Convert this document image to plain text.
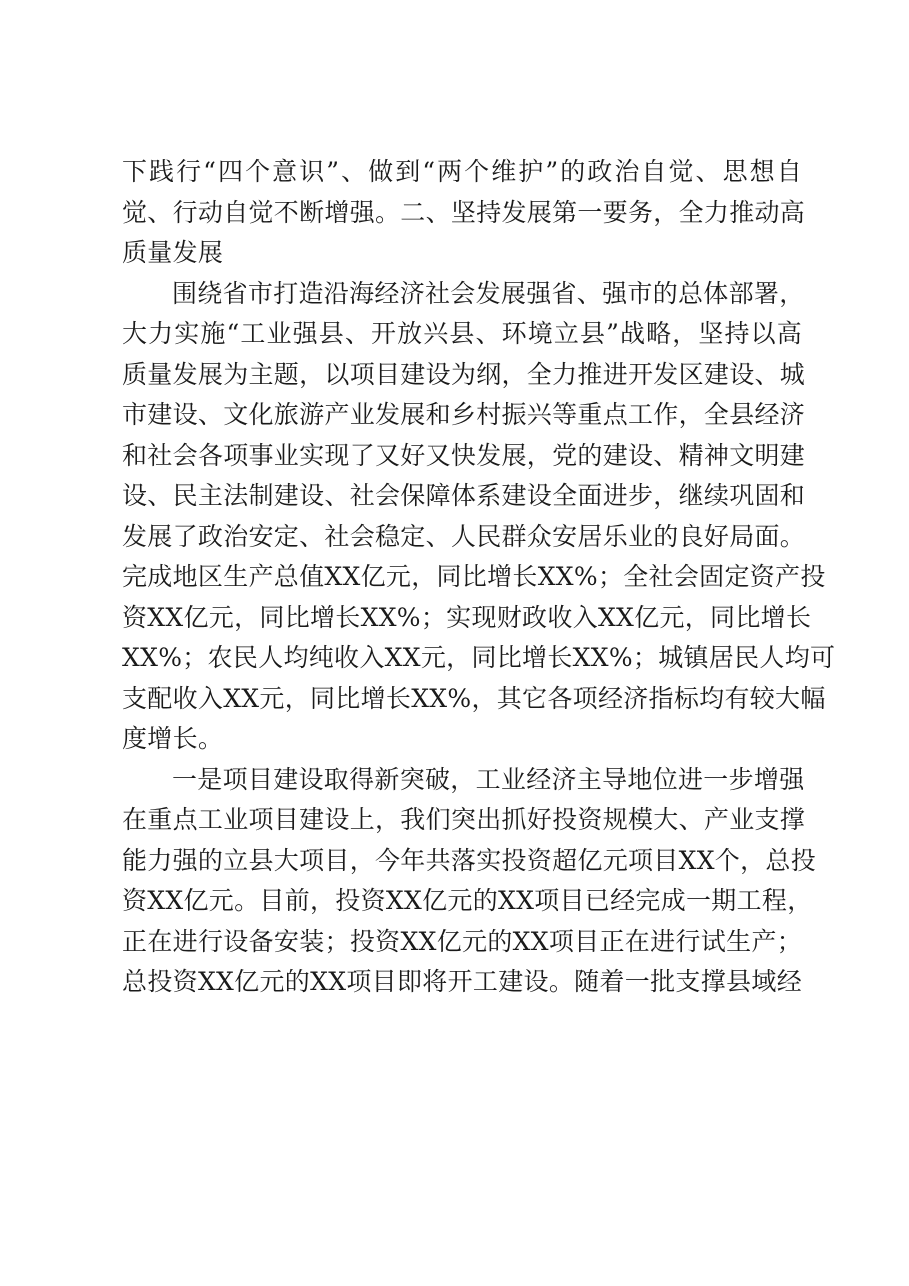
下践行“四个意识”、做到“两个维护”的政治自觉、思想自
觉、行动自觉不断增强。二、坚持发展第一要务，全力推动高
质量发展
围绕省市打造沿海经济社会发展强省、强市的总体部署，
大力实施“工业强县、开放兴县、环境立县”战略，坚持以高
质量发展为主题，以项目建设为纲，全力推进开发区建设、城
市建设、文化旅游产业发展和乡村振兴等重点工作，全县经济
和社会各项事业实现了又好又快发展，党的建设、精神文明建
设、民主法制建设、社会保障体系建设全面进步，继续巩固和
发展了政治安定、社会稳定、人民群众安居乐业的良好局面。
完成地区生产总值XX亿元，同比增长XX%；全社会固定资产投
资XX亿元，同比增长XX%；实现财政收入XX亿元，同比增长
XX%；农民人均纯收入XX元，同比增长XX%；城镇居民人均可
支配收入XX元，同比增长XX%，其它各项经济指标均有较大幅
度增长。
一是项目建设取得新突破，工业经济主导地位进一步增强
在重点工业项目建设上，我们突出抓好投资规模大、产业支撑
能力强的立县大项目，今年共落实投资超亿元项目XX个，总投
资XX亿元。目前，投资XX亿元的XX项目已经完成一期工程，
正在进行设备安装；投资XX亿元的XX项目正在进行试生产；
总投资XX亿元的XX项目即将开工建设。随着一批支撑县域经
